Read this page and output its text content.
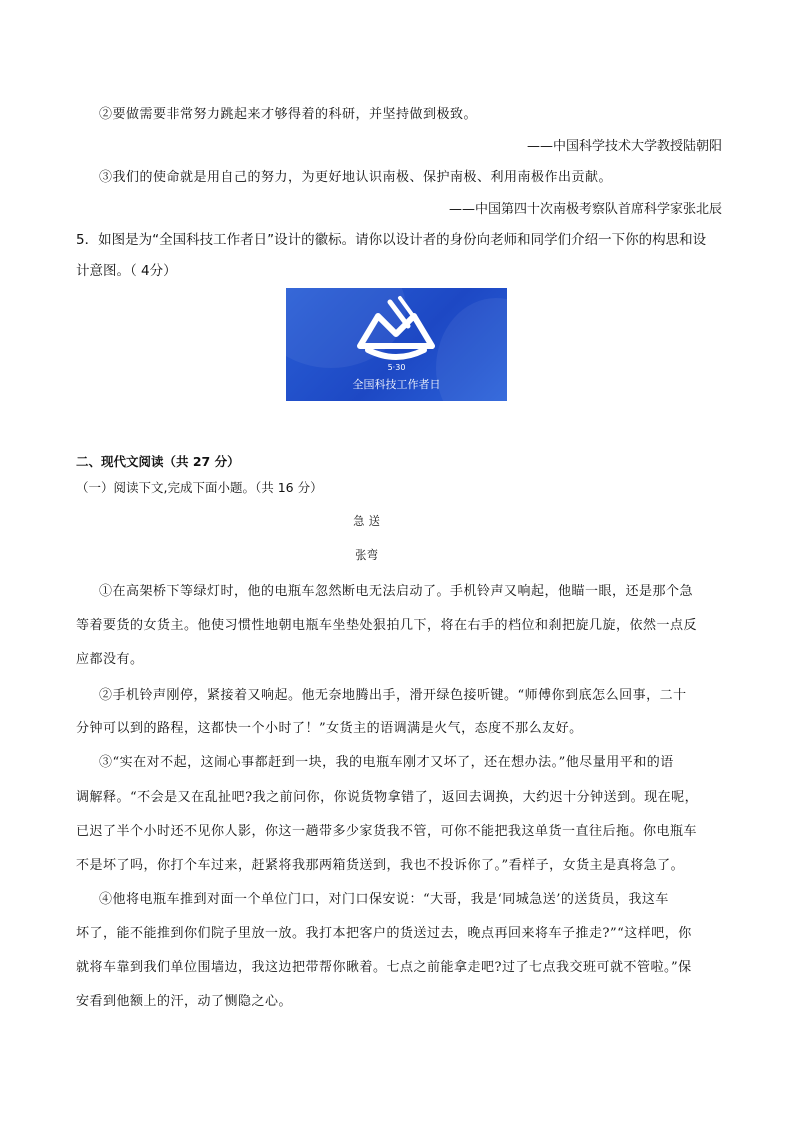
②要做需要非常努力跳起来才够得着的科研，并坚持做到极致。
——中国科学技术大学教授陆朝阳
③我们的使命就是用自己的努力，为更好地认识南极、保护南极、利用南极作出贡献。
——中国第四十次南极考察队首席科学家张北辰
5．如图是为“全国科技工作者日”设计的徽标。请你以设计者的身份向老师和同学们介绍一下你的构思和设
计意图。（ 4分）
5·30
全国科技工作者日
二、现代文阅读（共 27 分）
（一）阅读下文,完成下面小题。（共 16 分）
急 送
张弯
①在高架桥下等绿灯时，他的电瓶车忽然断电无法启动了。手机铃声又响起，他瞄一眼，还是那个急
等着要货的女货主。他使习惯性地朝电瓶车坐垫处狠拍几下，将在右手的档位和刹把旋几旋，依然一点反
应都没有。
②手机铃声刚停，紧接着又响起。他无奈地腾出手，滑开绿色接听键。“师傅你到底怎么回事，二十
分钟可以到的路程，这都快一个小时了！”女货主的语调满是火气，态度不那么友好。
③“实在对不起，这闹心事都赶到一块，我的电瓶车刚才又坏了，还在想办法。”他尽量用平和的语
调解释。“不会是又在乱扯吧?我之前问你，你说货物拿错了，返回去调换，大约迟十分钟送到。现在呢，
已迟了半个小时还不见你人影，你这一趟带多少家货我不管，可你不能把我这单货一直往后拖。你电瓶车
不是坏了吗，你打个车过来，赶紧将我那两箱货送到，我也不投诉你了。”看样子，女货主是真将急了。
④他将电瓶车推到对面一个单位门口，对门口保安说：“大哥，我是‘同城急送’的送货员，我这车
坏了，能不能推到你们院子里放一放。我打本把客户的货送过去，晚点再回来将车子推走?”“这样吧，你
就将车靠到我们单位围墙边，我这边把带帮你瞅着。七点之前能拿走吧?过了七点我交班可就不管啦。”保
安看到他额上的汗，动了恻隐之心。
